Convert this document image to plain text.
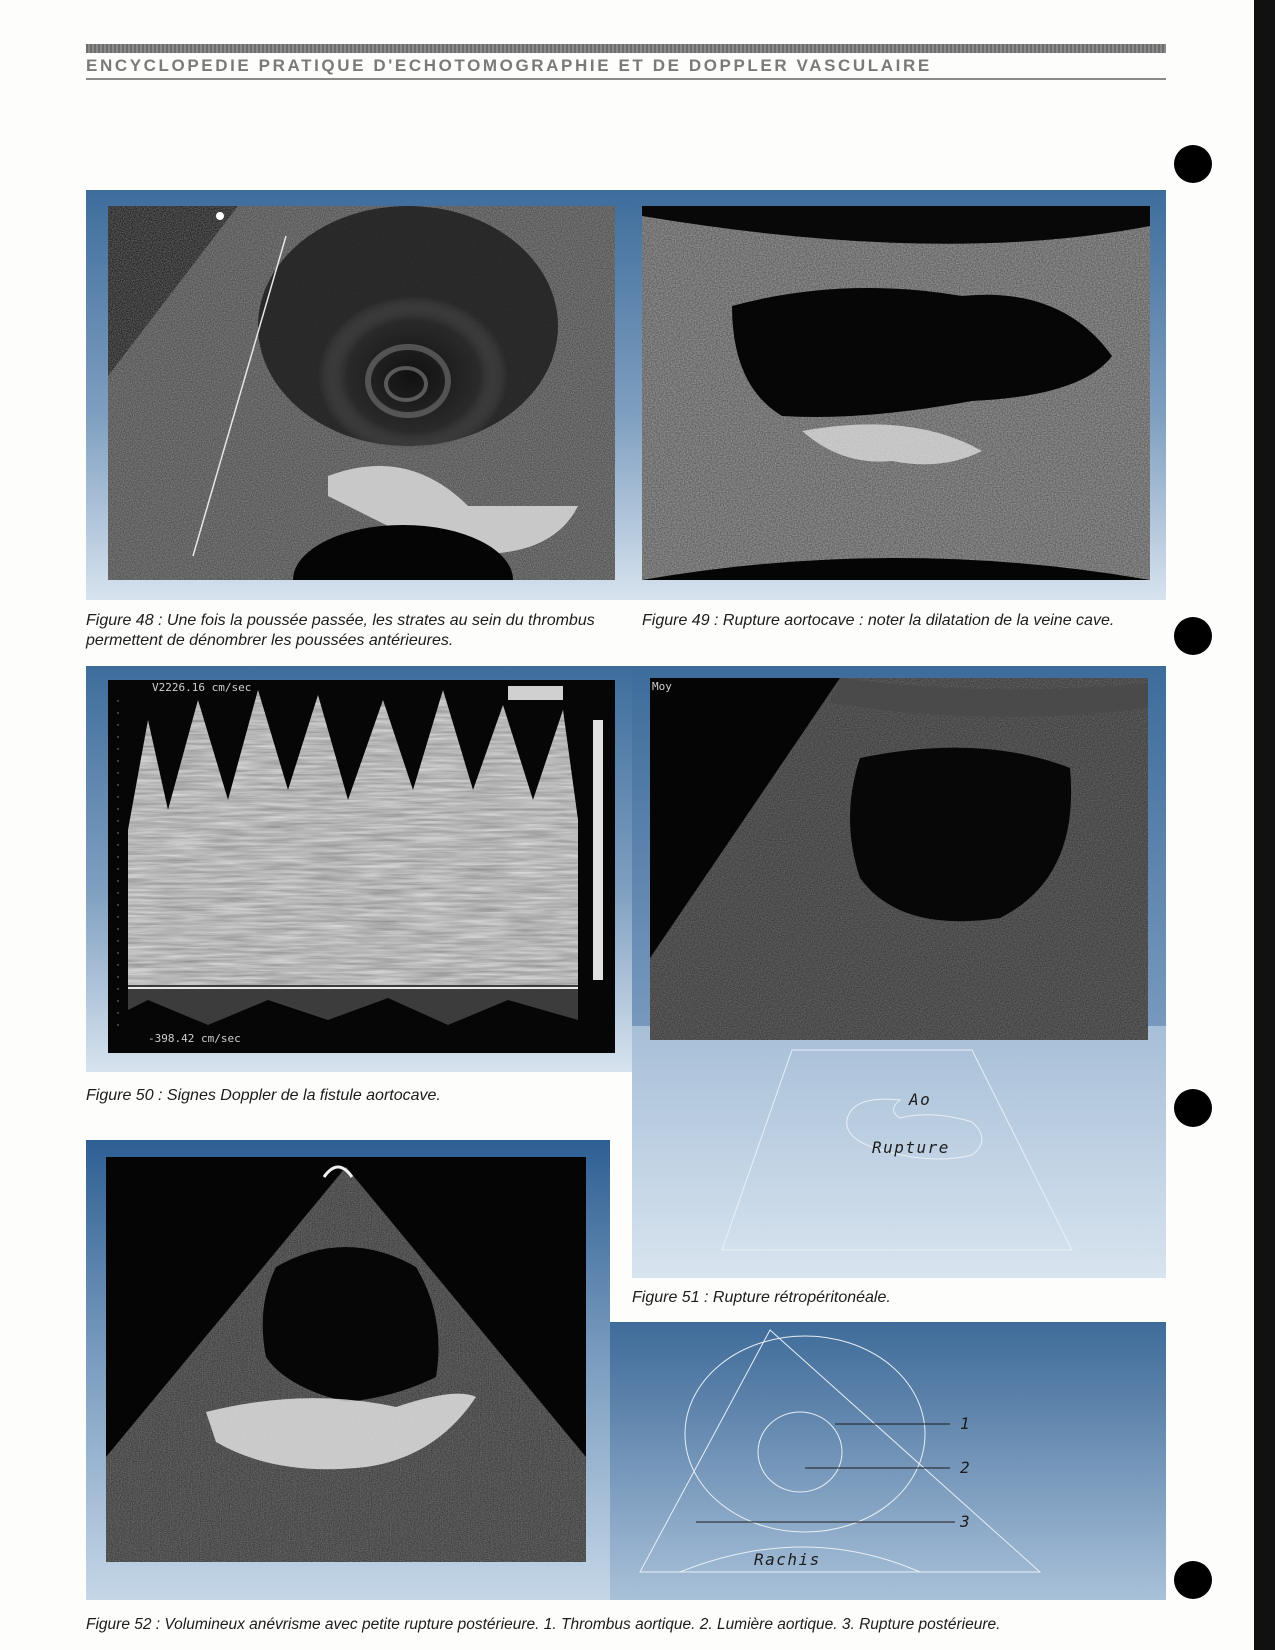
ENCYCLOPEDIE PRATIQUE D'ECHOTOMOGRAPHIE ET DE DOPPLER VASCULAIRE
Figure 48 : Une fois la poussée passée, les strates au sein du thrombus permettent de dénombrer les poussées antérieures.
Figure 49 : Rupture aortocave : noter la dilatation de la veine cave.
V2226.16 cm/sec
-398.42 cm/sec
Figure 50 : Signes Doppler de la fistule aortocave.
Moy
Ao
Rupture
Figure 51 : Rupture rétropéritonéale.
1
2
3
Rachis
Figure 52 : Volumineux anévrisme avec petite rupture postérieure. 1. Thrombus aortique. 2. Lumière aortique. 3. Rupture postérieure.
